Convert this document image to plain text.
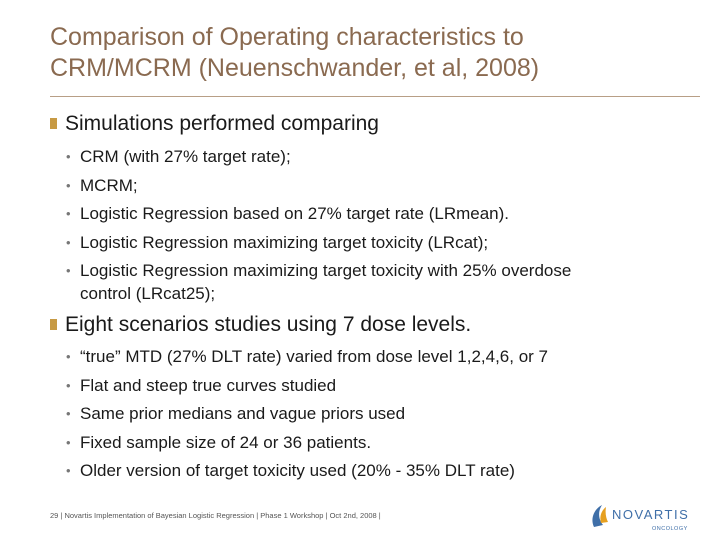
Comparison of Operating characteristics to
CRM/MCRM (Neuenschwander, et al, 2008)
Simulations performed comparing
• CRM (with 27% target rate);
• MCRM;
• Logistic Regression based on 27% target rate (LRmean).
• Logistic Regression maximizing target toxicity (LRcat);
• Logistic Regression maximizing target toxicity with 25% overdose
control (LRcat25);
Eight scenarios studies using 7 dose levels.
• “true” MTD (27% DLT rate) varied from dose level 1,2,4,6, or 7
• Flat and steep true curves studied
• Same prior medians and vague priors used
• Fixed sample size of 24 or 36 patients.
• Older version of target toxicity used (20% - 35% DLT rate)
29 | Novartis Implementation of Bayesian Logistic Regression | Phase 1 Workshop | Oct 2nd, 2008 |	NOVARTIS
ONCOLOGY
